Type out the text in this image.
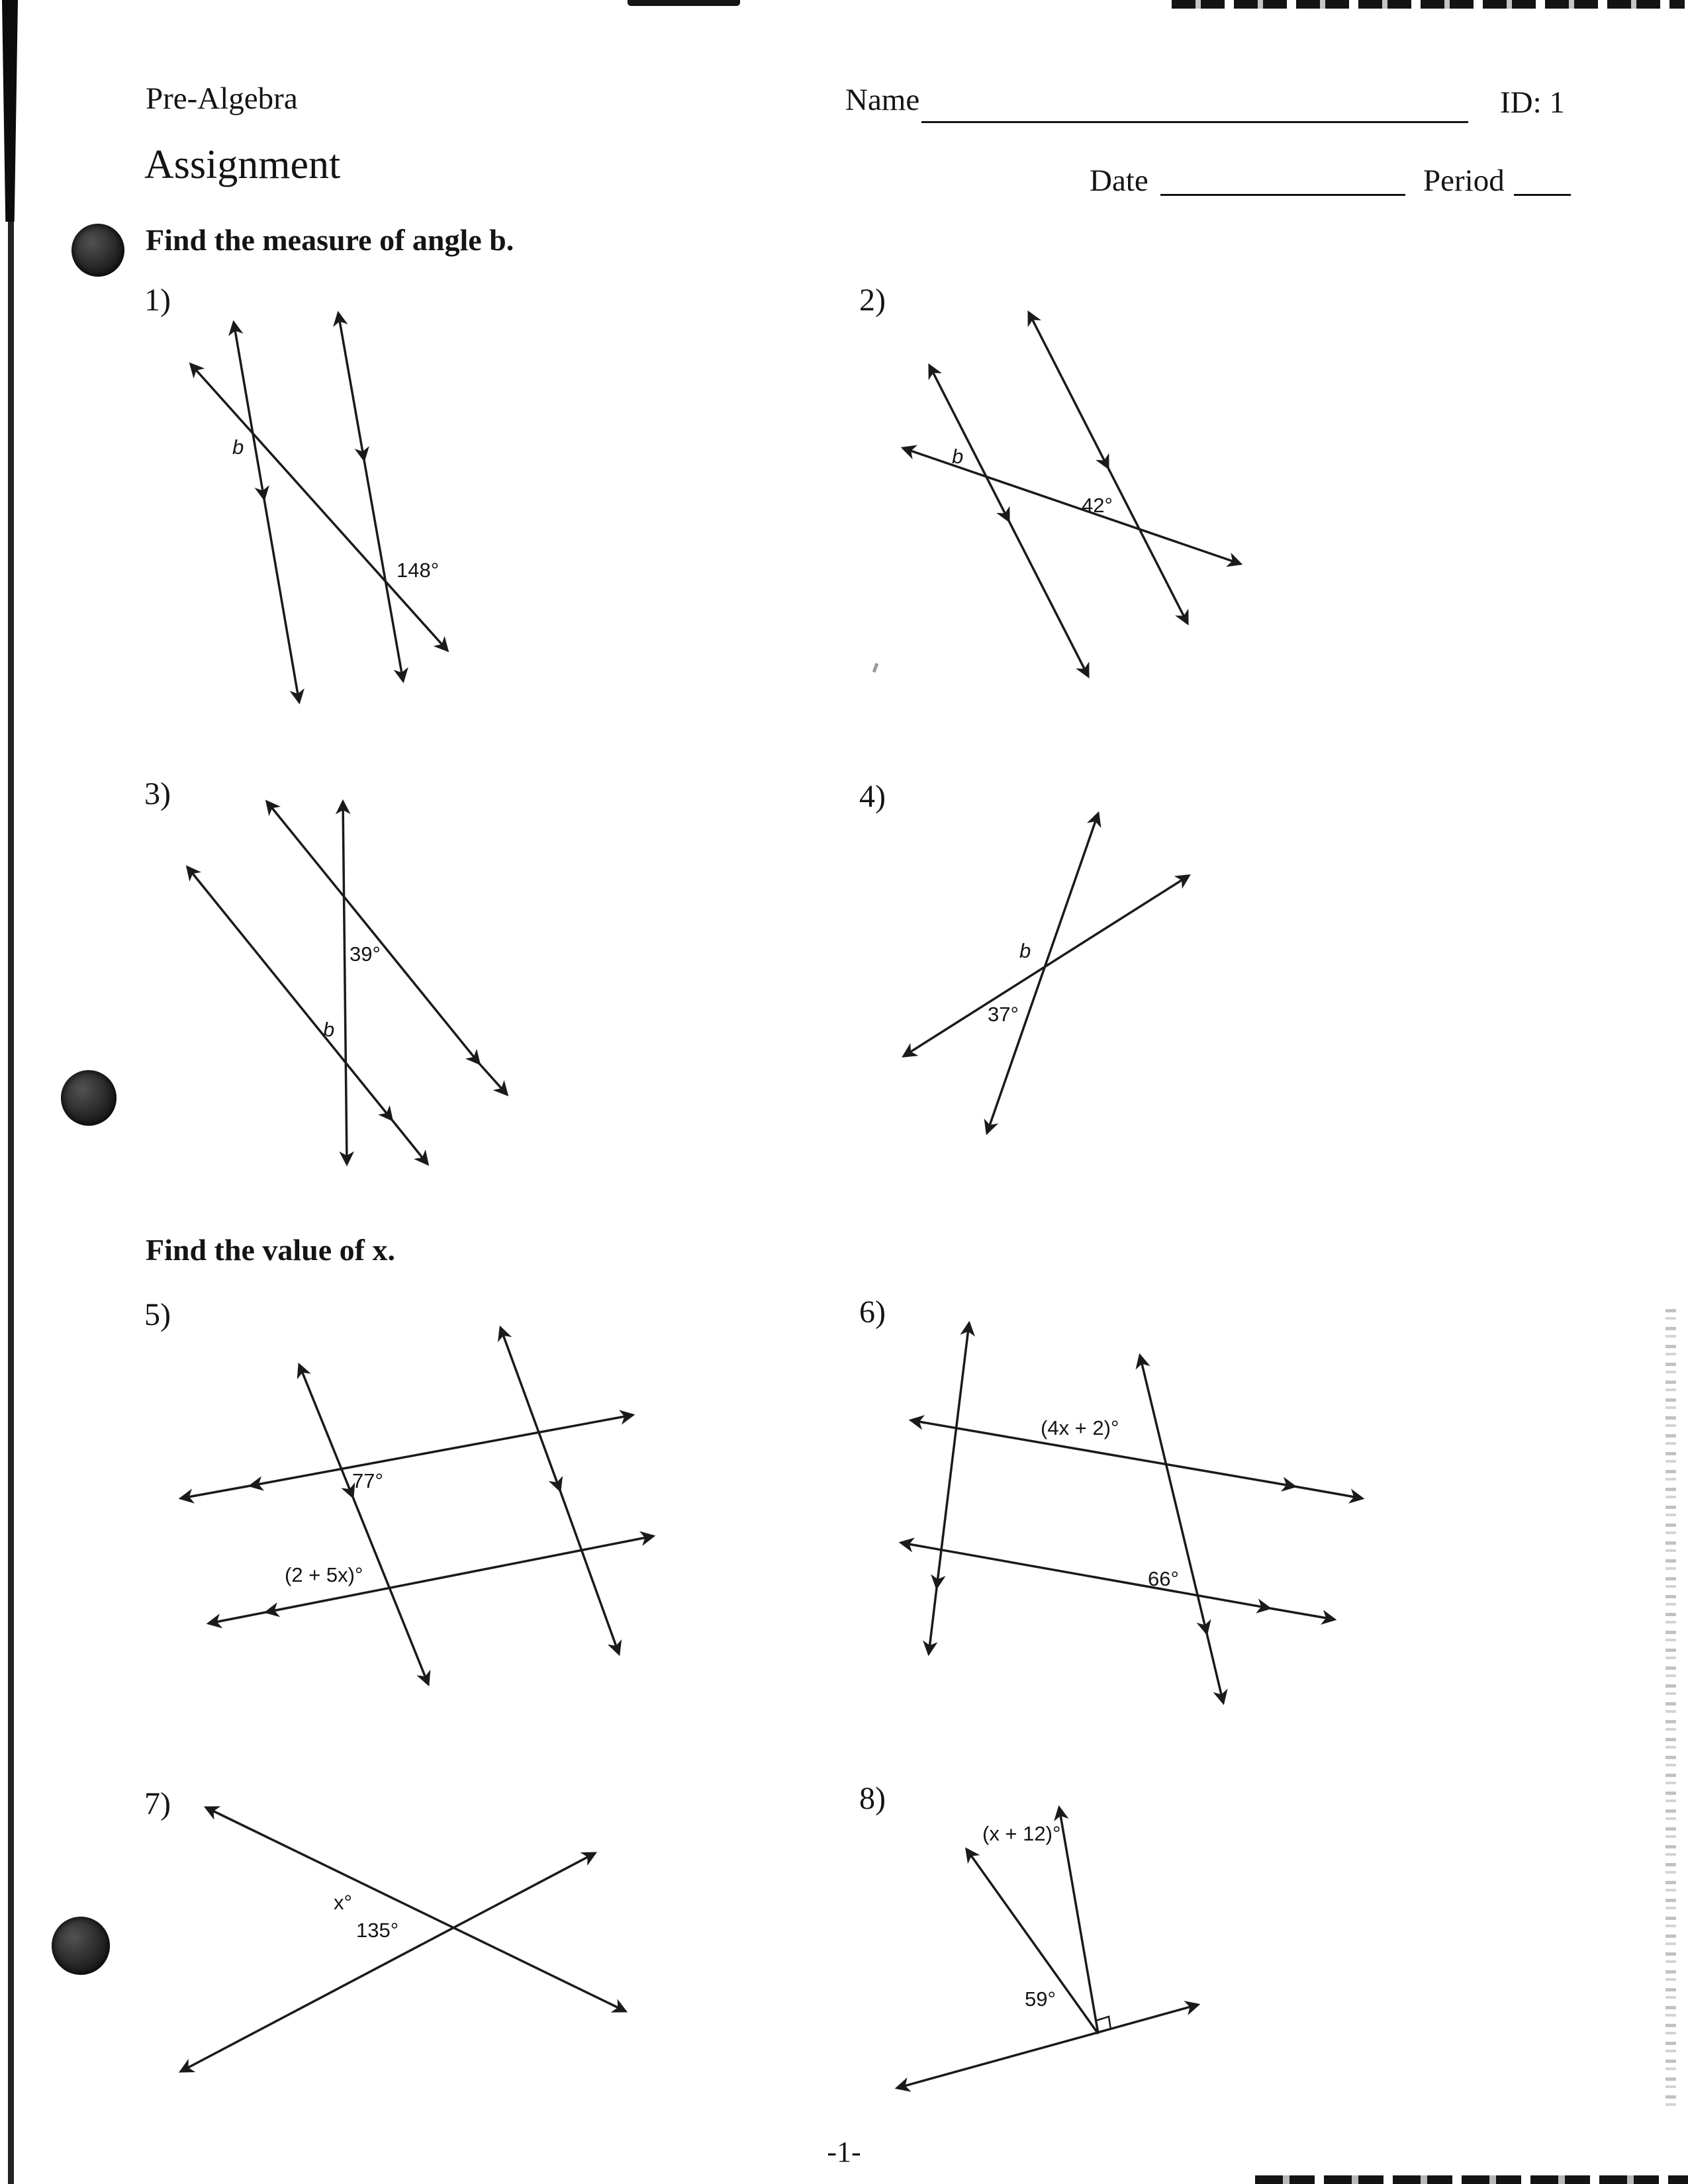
Pre-Algebra	Name	ID: 1
Assignment	Date	Period
Find the measure of angle b.
1)
b
148°
2)
b
42°
3)
39°
b
4)
b
37°
Find the value of x.
5)
77°
(2 + 5x)°
6)
(4x + 2)°
66°
7)
x°
135°
8)
(x + 12)°
59°
-1-
